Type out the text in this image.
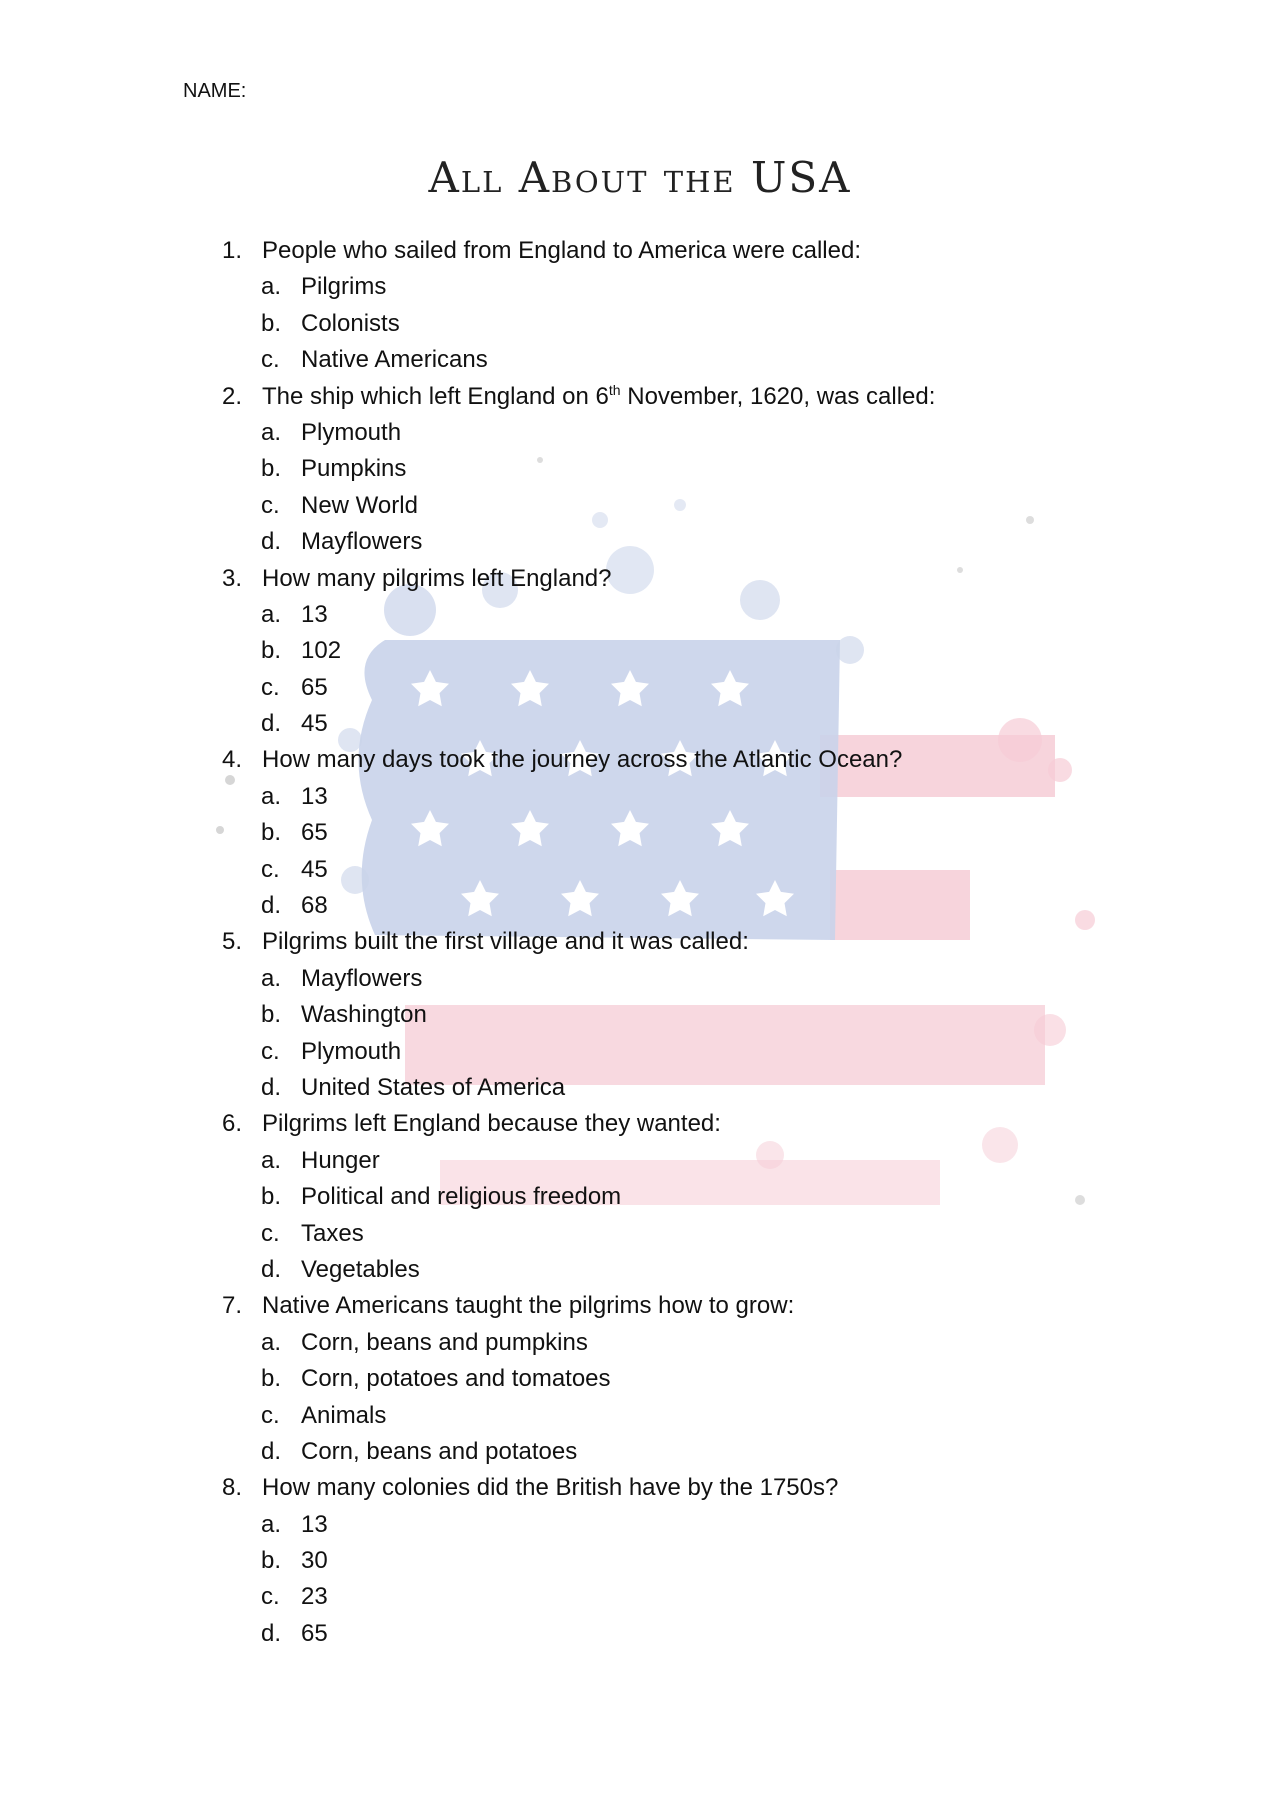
NAME:
All About the USA
1. People who sailed from England to America were called:
a. Pilgrims
b. Colonists
c. Native Americans
2. The ship which left England on 6th November, 1620, was called:
a. Plymouth
b. Pumpkins
c. New World
d. Mayflowers
3. How many pilgrims left England?
a. 13
b. 102
c. 65
d. 45
4. How many days took the journey across the Atlantic Ocean?
a. 13
b. 65
c. 45
d. 68
5. Pilgrims built the first village and it was called:
a. Mayflowers
b. Washington
c. Plymouth
d. United States of America
6. Pilgrims left England because they wanted:
a. Hunger
b. Political and religious freedom
c. Taxes
d. Vegetables
7. Native Americans taught the pilgrims how to grow:
a. Corn, beans and pumpkins
b. Corn, potatoes and tomatoes
c. Animals
d. Corn, beans and potatoes
8. How many colonies did the British have by the 1750s?
a. 13
b. 30
c. 23
d. 65
